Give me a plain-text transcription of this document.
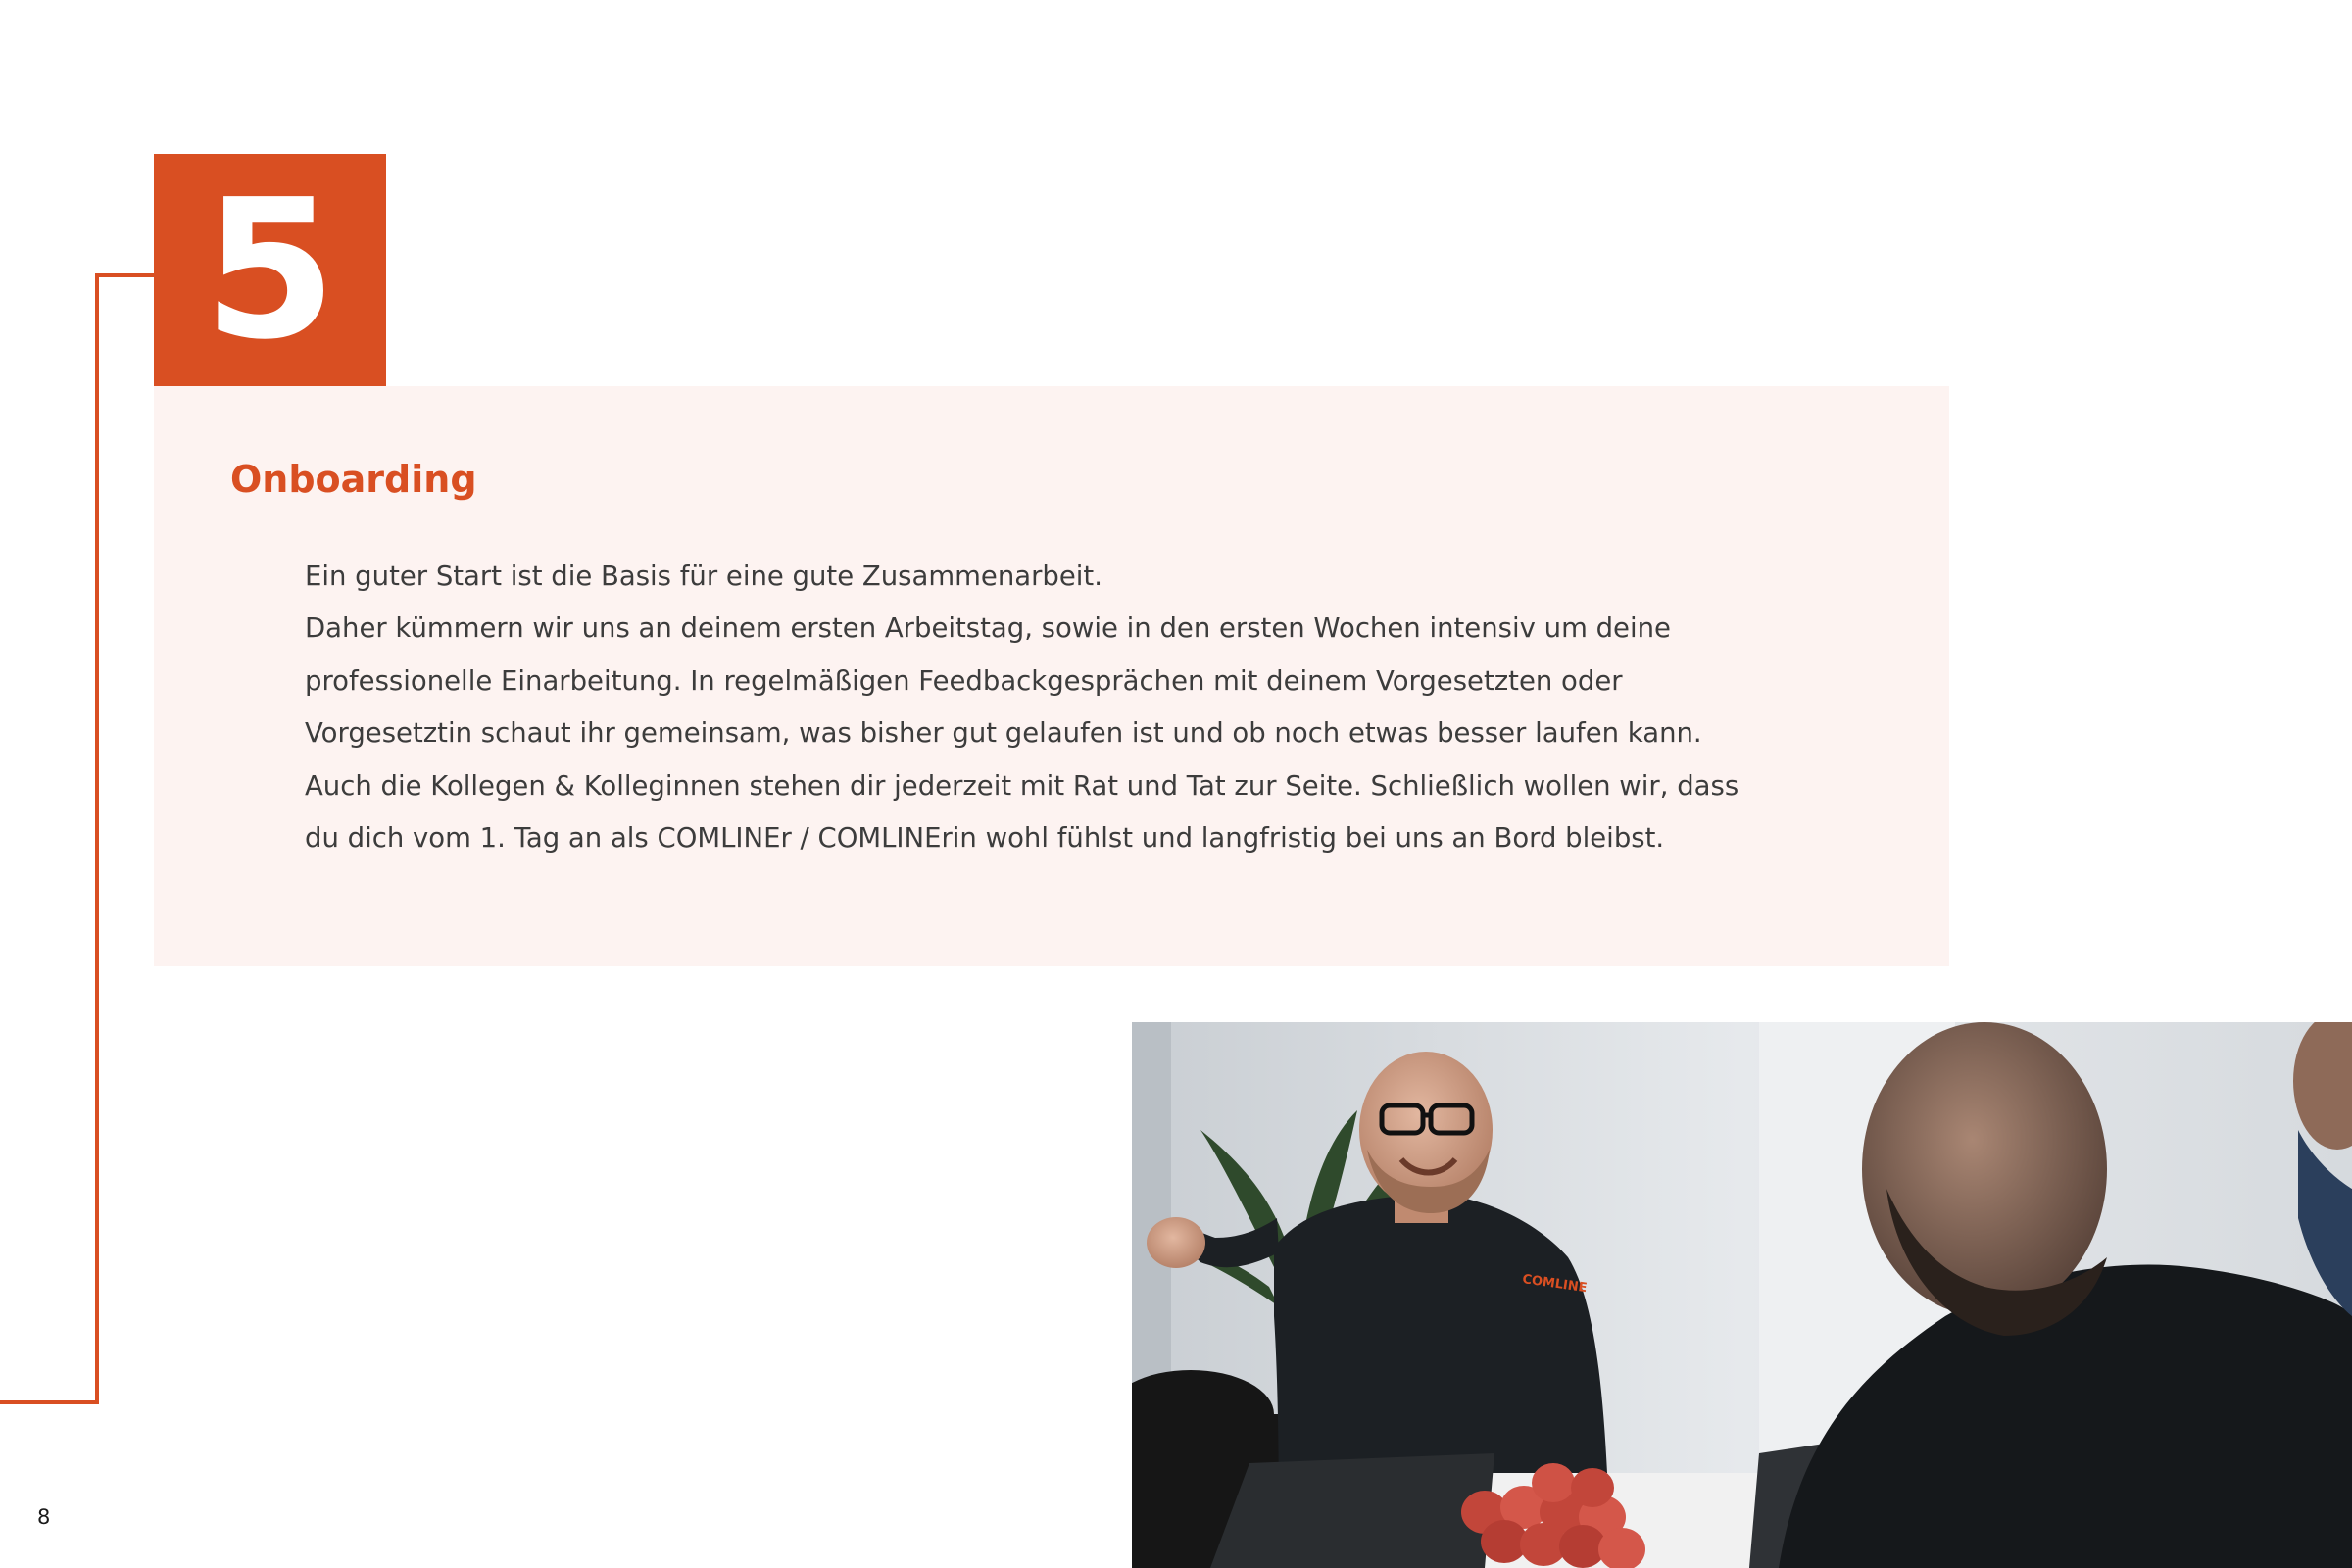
5
Onboarding
Ein guter Start ist die Basis für eine gute Zusammenarbeit.
Daher kümmern wir uns an deinem ersten Arbeitstag, sowie in den ersten Wochen intensiv um deine
professionelle Einarbeitung. In regelmäßigen Feedbackgesprächen mit deinem Vorgesetzten oder
Vorgesetztin schaut ihr gemeinsam, was bisher gut gelaufen ist und ob noch etwas besser laufen kann.
Auch die Kollegen & Kolleginnen stehen dir jederzeit mit Rat und Tat zur Seite. Schließlich wollen wir, dass
du dich vom 1. Tag an als COMLINEr / COMLINErin wohl fühlst und langfristig bei uns an Bord bleibst.
COMLINE
8
